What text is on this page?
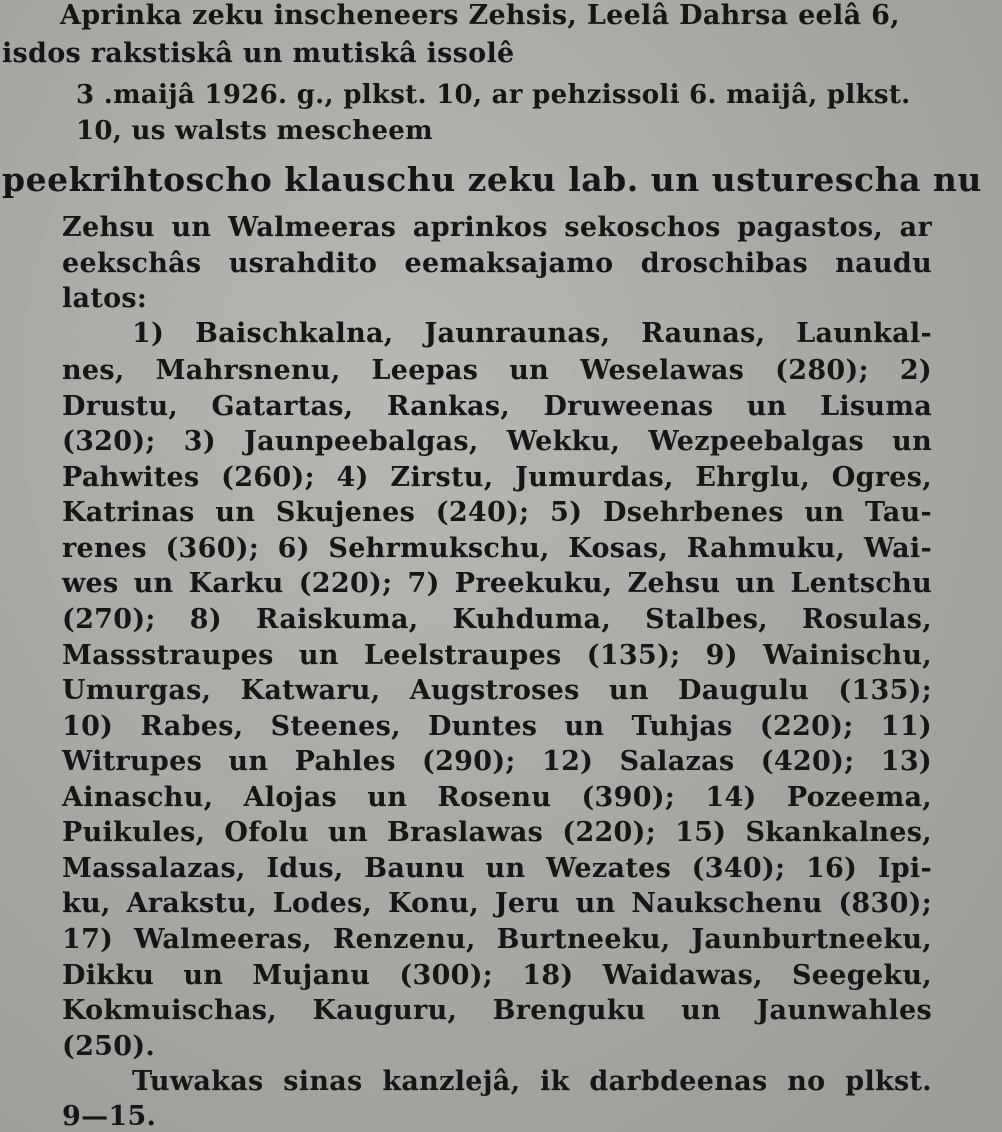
Aprinka zeku inscheneers Zehsis, Leelâ Dahrsa eelâ 6,
isdos rakstiskâ un mutiskâ issolê
3 .maijâ 1926. g., plkst. 10, ar pehzissoli 6. maijâ, plkst.
10, us walsts mescheem
peekrihtoscho klauschu zeku lab. un usturescha nu
Zehsu un Walmeeras aprinkos sekoschos pagastos, ar
eekschâs usrahdito eemaksajamo droschibas naudu
latos:
1) Baischkalna, Jaunraunas, Raunas, Launkal-
nes, Mahrsnenu, Leepas un Weselawas (280); 2)
Drustu, Gatartas, Rankas, Druweenas un Lisuma
(320); 3) Jaunpeebalgas, Wekku, Wezpeebalgas un
Pahwites (260); 4) Zirstu, Jumurdas, Ehrglu, Ogres,
Katrinas un Skujenes (240); 5) Dsehrbenes un Tau-
renes (360); 6) Sehrmukschu, Kosas, Rahmuku, Wai-
wes un Karku (220); 7) Preekuku, Zehsu un Lentschu
(270); 8) Raiskuma, Kuhduma, Stalbes, Rosulas,
Massstraupes un Leelstraupes (135); 9) Wainischu,
Umurgas, Katwaru, Augstroses un Daugulu (135);
10) Rabes, Steenes, Duntes un Tuhjas (220); 11)
Witrupes un Pahles (290); 12) Salazas (420); 13)
Ainaschu, Alojas un Rosenu (390); 14) Pozeema,
Puikules, Ofolu un Braslawas (220); 15) Skankalnes,
Massalazas, Idus, Baunu un Wezates (340); 16) Ipi-
ku, Arakstu, Lodes, Konu, Jeru un Naukschenu (830);
17) Walmeeras, Renzenu, Burtneeku, Jaunburtneeku,
Dikku un Mujanu (300); 18) Waidawas, Seegeku,
Kokmuischas, Kauguru, Brenguku un Jaunwahles
(250).
Tuwakas sinas kanzlejâ, ik darbdeenas no plkst.
9—15.
